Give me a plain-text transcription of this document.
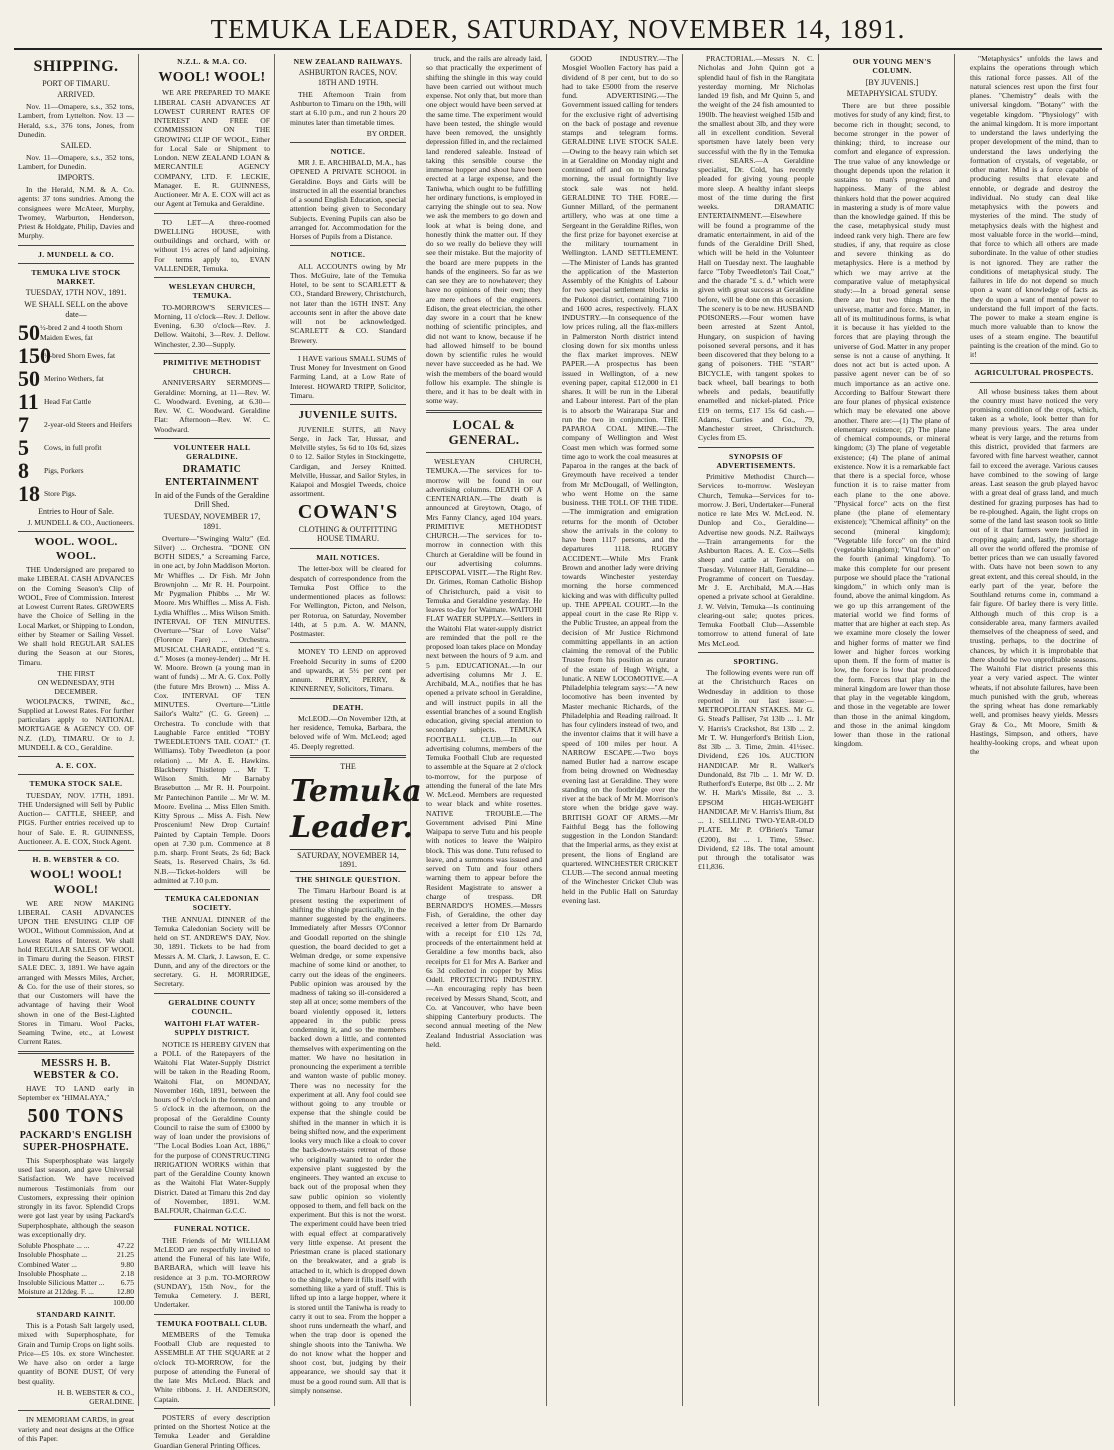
TEMUKA LEADER, SATURDAY, NOVEMBER 14, 1891.
SHIPPING.
PORT OF TIMARU.
ARRIVED.

Nov. 11—Omapere, s.s., 352 tons, Lambert, from Lyttelton. Nov. 13 — Herald, s.s., 376 tons, Jones, from Dunedin.

SAILED.

Nov. 11—Omapere, s.s., 352 tons, Lambert, for Dunedin.

IMPORTS.

In the Herald, N.M. & A. Co. agents: 37 tons sundries. Among the consignees were McAteer, Murphy, Twomey, Warburton, Henderson, Priest & Holdgate, Philip, Davies and Murphy.

J. MUNDELL & CO.
TEMUKA LIVE STOCK MARKET.
TUESDAY, 17TH NOV., 1891.
WE SHALL SELL on the above date—
50 ½-bred 2 and 4 tooth Shorn Maiden Ewes, fat
150
½-bred Shorn Ewes, fat
50 Merino Wethers, fat
11 Head Fat Cattle
7	2-year-old Steers and Heifers
5	Cows, in full profit
8	Pigs, Porkers
18 Store Pigs.
Entries to Hour of Sale.
J. MUNDELL & CO., Auctioneers.
WOOL. WOOL. WOOL.

THE Undersigned are prepared to make LIBERAL CASH ADVANCES on the Coming Season's Clip of WOOL, Free of Commission. Interest at Lowest Current Rates. GROWERS have the Choice of Selling in the Local Market, or Shipping to London, either by Steamer or Sailing Vessel. We shall hold REGULAR SALES during the Season at our Stores, Timaru.

THE FIRST
ON WEDNESDAY, 9TH DECEMBER.

WOOLPACKS, TWINE, &c., Supplied at Lowest Rates. For further particulars apply to NATIONAL MORTGAGE & AGENCY CO. OF N.Z. (LD), TIMARU. Or to J. MUNDELL & CO., Geraldine.

A. E. COX.
TEMUKA STOCK SALE.

TUESDAY, NOV. 17TH, 1891. THE Undersigned will Sell by Public Auction— CATTLE, SHEEP, and PIGS. Further entries received up to hour of Sale. E. R. GUINNESS, Auctioneer. A. E. COX, Stock Agent.

H. B. WEBSTER & CO.
WOOL! WOOL! WOOL!

WE ARE NOW MAKING LIBERAL CASH ADVANCES UPON THE ENSUING CLIP OF WOOL, Without Commission, And at Lowest Rates of Interest. We shall hold REGULAR SALES OF WOOL in Timaru during the Season. FIRST SALE DEC. 3, 1891. We have again arranged with Messrs Miles, Archer, & Co. for the use of their stores, so that our Customers will have the advantage of having their Wool shown in one of the Best-Lighted Stores in Timaru. Wool Packs, Seaming Twine, etc., at Lowest Current Rates.

MESSRS H. B. WEBSTER & CO.

HAVE TO LAND early in September ex "HIMALAYA,"

500 TONS
PACKARD'S ENGLISH SUPER-PHOSPHATE.

This Superphosphate was largely used last season, and gave Universal Satisfaction. We have received numerous Testimonials from our Customers, expressing their opinion strongly in its favor. Splendid Crops were got last year by using Packard's Superphosphate, although the season was exceptionally dry.

Soluble Phosphate ... ...	47.22
Insoluble Phosphate ...	21.25
Combined Water ...	9.80
Insoluble Phosphate ...	2.18
Insoluble Silicious Matter ... 6.75
Moisture at 212deg. F. ...	12.80
100.00
STANDARD KAINIT.

This is a Potash Salt largely used, mixed with Superphosphate, for Grain and Turnip Crops on light soils. Price—£5 10s. ex store Winchester. We have also on order a large quantity of BONE DUST, Of very best quality.

H. B. WEBSTER & CO., GERALDINE.

IN MEMORIAM CARDS, in great variety and neat designs at the Office of this Paper.

N.Z.L. & M.A. CO.
WOOL! WOOL!

WE ARE PREPARED TO MAKE LIBERAL CASH ADVANCES AT LOWEST CURRENT RATES OF INTEREST AND FREE OF COMMISSION ON THE GROWING CLIP OF WOOL, Either for Local Sale or Shipment to London. NEW ZEALAND LOAN & MERCANTILE AGENCY COMPANY, LTD. F. LECKIE, Manager. E. R. GUINNESS, Auctioneer. Mr A. E. COX will act as our Agent at Temuka and Geraldine.

TO LET—A three-roomed DWELLING HOUSE, with outbuildings and orchard, with or without 1½ acres of land adjoining. For terms apply to, EVAN VALLENDER, Temuka.

WESLEYAN CHURCH, TEMUKA.

TO-MORROW'S SERVICES— Morning, 11 o'clock—Rev. J. Dellow. Evening, 6.30 o'clock—Rev. J. Dellow. Waitohi, 3—Rev. J. Dellow. Winchester, 2.30—Supply.

PRIMITIVE METHODIST CHURCH.

ANNIVERSARY SERMONS— Geraldine: Morning, at 11—Rev. W. C. Woodward. Evening, at 6.30—Rev. W. C. Woodward. Geraldine Flat: Afternoon—Rev. W. C. Woodward.

VOLUNTEER HALL GERALDINE.
DRAMATIC ENTERTAINMENT
In aid of the Funds of the Geraldine Drill Shed.
TUESDAY, NOVEMBER 17, 1891.

Overture—"Swinging Waltz" (Ed. Silver) ... Orchestra. "DONE ON BOTH SIDES," a Screaming Farce, in one act, by John Maddison Morton. Mr Whiffles ... Dr Fish. Mr John Brownjohn ... Mr R. H. Pourpoint. Mr Pygmalion Phibbs ... Mr W. Moore. Mrs Whiffles ... Miss A. Fish. Lydia Whiffles ... Miss Wilson Smith. INTERVAL OF TEN MINUTES. Overture—"Star of Love Valse" (Florence Fare) ... Orchestra. MUSICAL CHARADE, entitled "£ s. d." Moses (a money-lender) ... Mr H. W. Moore. Brown (a young man in want of funds) ... Mr A. G. Cox. Polly (the future Mrs Brown) ... Miss A. Cox. INTERVAL OF TEN MINUTES. Overture—"Little Sailor's Waltz" (C. G. Green) ... Orchestra. To conclude with that Laughable Farce entitled "TOBY TWEEDLETON'S TAIL COAT." (T. Williams). Toby Tweedleton (a poor relation) ... Mr A. E. Hawkins. Blackberry Thistletop ... Mr T. Wilson Smith. Mr Barnaby Brasebutton ... Mr R. H. Pourpoint. Mr Pantechinon Pantile ... Mr W. M. Moore. Evelina ... Miss Ellen Smith. Kitty Sprous ... Miss A. Fish. New Proscenium! New Drop Curtain! Painted by Captain Temple. Doors open at 7.30 p.m. Commence at 8 p.m. sharp. Front Seats, 2s 6d; Back Seats, 1s. Reserved Chairs, 3s 6d. N.B.—Ticket-holders will be admitted at 7.10 p.m.

TEMUKA CALEDONIAN SOCIETY.

THE ANNUAL DINNER of the Temuka Caledonian Society will be held on ST. ANDREW'S DAY, Nov. 30, 1891. Tickets to be had from Messrs A. M. Clark, J. Lawson, E. C. Dunn, and any of the directors or the secretary. G. H. MORRIDGE, Secretary.

GERALDINE COUNTY COUNCIL.
WAITOHI FLAT WATER-SUPPLY DISTRICT.

NOTICE IS HEREBY GIVEN that a POLL of the Ratepayers of the Waitohi Flat Water-Supply District will be taken in the Reading Room, Waitohi Flat, on MONDAY, November 16th, 1891, between the hours of 9 o'clock in the forenoon and 5 o'clock in the afternoon, on the proposal of the Geraldine County Council to raise the sum of £3000 by way of loan under the provisions of "The Local Bodies Loan Act, 1886," for the purpose of CONSTRUCTING IRRIGATION WORKS within that part of the Geraldine County known as the Waitohi Flat Water-Supply District. Dated at Timaru this 2nd day of November, 1891. W.M. BALFOUR, Chairman G.C.C.

FUNERAL NOTICE.

THE Friends of Mr WILLIAM McLEOD are respectfully invited to attend the Funeral of his late Wife, BARBARA, which will leave his residence at 3 p.m. TO-MORROW (SUNDAY), 15th Nov., for the Temuka Cemetery. J. BERI, Undertaker.

TEMUKA FOOTBALL CLUB.

MEMBERS of the Temuka Football Club are requested to ASSEMBLE AT THE SQUARE at 2 o'clock TO-MORROW, for the purpose of attending the Funeral of the late Mrs McLeod. Black and White ribbons. J. H. ANDERSON, Captain.

POSTERS of every description printed on the Shortest Notice at the Temuka Leader and Geraldine Guardian General Printing Offices.

NEW ZEALAND RAILWAYS.
ASHBURTON RACES, NOV. 18TH AND 19TH.

THE Afternoon Train from Ashburton to Timaru on the 19th, will start at 6.10 p.m., and run 2 hours 20 minutes later than timetable times.

BY ORDER.
NOTICE.

MR J. E. ARCHIBALD, M.A., has OPENED A PRIVATE SCHOOL in Geraldine. Boys and Girls will be instructed in all the essential branches of a sound English Education, special attention being given to Secondary Subjects. Evening Pupils can also be arranged for. Accommodation for the Horses of Pupils from a Distance.

NOTICE.

ALL ACCOUNTS owing by Mr Thos. McGuire, late of the Temuka Hotel, to be sent to SCARLETT & CO., Standard Brewery, Christchurch, not later than the 16TH INST. Any accounts sent in after the above date will not be acknowledged. SCARLETT & CO. Standard Brewery.

I HAVE various SMALL SUMS of Trust Money for Investment on Good Farming Land, at a Low Rate of Interest. HOWARD TRIPP, Solicitor, Timaru.

JUVENILE SUITS.

JUVENILE SUITS, all Navy Serge, in Jack Tar, Hussar, and Melville styles, 5s 6d to 10s 6d, sizes 0 to 12. Sailor Styles in Stockingette, Cardigan, and Jersey Knitted. Melville, Hussar, and Sailor Styles, in Kaiapoi and Mosgiel Tweeds, choice assortment.

COWAN'S
CLOTHING & OUTFITTING HOUSE TIMARU.
MAIL NOTICES.

The letter-box will be cleared for despatch of correspondence from the Temuka Post Office to the undermentioned places as follows: For Wellington, Picton, and Nelson, per Rotorua, on Saturday, November 14th, at 5 p.m. A. W. MANN, Postmaster.

MONEY TO LEND on approved Freehold Security in sums of £200 and upwards, at 5½ per cent per annum. PERRY, PERRY, & KINNERNEY, Solicitors, Timaru.

DEATH.

McLEOD.—On November 12th, at her residence, Temuka, Barbara, the beloved wife of Wm. McLeod; aged 45. Deeply regretted.

THE
Temuka Leader.
SATURDAY, NOVEMBER 14, 1891.
THE SHINGLE QUESTION.

The Timaru Harbour Board is at present testing the experiment of shifting the shingle practically, in the manner suggested by the engineers. Immediately after Messrs O'Connor and Goodall reported on the shingle question, the board decided to get a Welman dredge, or some expensive machine of some kind or another, to carry out the ideas of the engineers. Public opinion was aroused by the madness of taking so ill-considered a step all at once; some members of the board violently opposed it, letters appeared in the public press condemning it, and so the members backed down a little, and contented themselves with experimenting on the matter. We have no hesitation in pronouncing the experiment a terrible and wanton waste of public money. There was no necessity for the experiment at all. Any fool could see without going to any trouble or expense that the shingle could be shifted in the manner in which it is being shifted now, and the experiment looks very much like a cloak to cover the back-down-stairs retreat of those who originally wanted to order the expensive plant suggested by the engineers. They wanted an excuse to back out of the proposal when they saw public opinion so violently opposed to them, and fell back on the experiment. But this is not the worst. The experiment could have been tried with equal effect at comparatively very little expense. At present the Priestman crane is placed stationary on the breakwater, and a grab is attached to it, which is dropped down to the shingle, where it fills itself with something like a yard of stuff. This is lifted up into a large hopper, where it is stored until the Taniwha is ready to carry it out to sea. From the hopper a shoot runs underneath the wharf, and when the trap door is opened the shingle shoots into the Taniwha. We do not know what the hopper and shoot cost, but, judging by their appearance, we should say that it must be a good round sum. All that is simply nonsense.

truck, and the rails are already laid, so that practically the experiment of shifting the shingle in this way could have been carried out without much expense. Not only that, but more than one object would have been served at the same time. The experiment would have been tested, the shingle would have been removed, the unsightly depression filled in, and the reclaimed land rendered saleable. Instead of taking this sensible course the immense hopper and shoot have been erected at a large expense, and the Taniwha, which ought to be fulfilling her ordinary functions, is employed in carrying the shingle out to sea. Now we ask the members to go down and look at what is being done, and honestly think the matter out. If they do so we really do believe they will see their mistake. But the majority of the board are mere puppets in the hands of the engineers. So far as we can see they are to nowhatever; they have no opinions of their own; they are mere echoes of the engineers. Edison, the great electrician, the other day swore in a court that he knew nothing of scientific principles, and did not want to know, because if he had allowed himself to be bound down by scientific rules he would never have succeeded as he had. We wish the members of the board would follow his example. The shingle is there, and it has to be dealt with in some way.

LOCAL & GENERAL.

WESLEYAN CHURCH, TEMUKA.—The services for to-morrow will be found in our advertising columns. DEATH OF A CENTENARIAN.—The death is announced at Greytown, Otago, of Mrs Fanny Clancy, aged 104 years. PRIMITIVE METHODIST CHURCH.—The services for to-morrow in connection with this Church at Geraldine will be found in our advertising columns. EPISCOPAL VISIT.—The Right Rev. Dr. Grimes, Roman Catholic Bishop of Christchurch, paid a visit to Temuka and Geraldine yesterday. He leaves to-day for Waimate. WAITOHI FLAT WATER SUPPLY.—Settlers in the Waitohi Flat water-supply district are reminded that the poll re the proposed loan takes place on Monday next between the hours of 9 a.m. and 5 p.m. EDUCATIONAL.—In our advertising columns Mr J. E. Archibald, M.A., notifies that he has opened a private school in Geraldine, and will instruct pupils in all the essential branches of a sound English education, giving special attention to secondary subjects. TEMUKA FOOTBALL CLUB.—In our advertising columns, members of the Temuka Football Club are requested to assemble at the Square at 2 o'clock to-morrow, for the purpose of attending the funeral of the late Mrs W. McLeod. Members are requested to wear black and white rosettes. NATIVE TROUBLE.—The Government advised Pini Mine Waipapa to serve Tutu and his people with notices to leave the Waipiro block. This was done. Tutu refused to leave, and a summons was issued and served on Tutu and four others warning them to appear before the Resident Magistrate to answer a charge of trespass. DR BERNARDO'S HOMES.—Messrs Fish, of Geraldine, the other day received a letter from Dr Barnardo with a receipt for £10 12s 7d, proceeds of the entertainment held at Geraldine a few months back, also receipts for £1 for Mrs A. Barker and 6s 3d collected in copper by Miss Odell. PROTECTING INDUSTRY.—An encouraging reply has been received by Messrs Shand, Scott, and Co. at Vancouver, who have been shipping Canterbury products. The second annual meeting of the New Zealand Industrial Association was held.

GOOD INDUSTRY.—The Mosgiel Woollen Factory has paid a dividend of 8 per cent, but to do so had to take £5000 from the reserve fund. ADVERTISING.—The Government issued calling for tenders for the exclusive right of advertising on the back of postage and revenue stamps and telegram forms. GERALDINE LIVE STOCK SALE.—Owing to the heavy rain which set in at Geraldine on Monday night and continued off and on to Thursday morning, the usual fortnightly live stock sale was not held. GERALDINE TO THE FORE.—Gunner Millard, of the permanent artillery, who was at one time a Sergeant in the Geraldine Rifles, won the first prize for bayonet exercise at the military tournament in Wellington. LAND SETTLEMENT.—The Minister of Lands has granted the application of the Masterton Assembly of the Knights of Labour for two special settlement blocks in the Pukotoi district, containing 7100 and 1600 acres, respectively. FLAX INDUSTRY.—In consequence of the low prices ruling, all the flax-millers in Palmerston North district intend closing down for six months unless the flax market improves. NEW PAPER.—A prospectus has been issued in Wellington, of a new evening paper, capital £12,000 in £1 shares. It will be run in the Liberal and Labour interest. Part of the plan is to absorb the Wairarapa Star and run the two in conjunction. THE PAPAROA COAL MINE.—The company of Wellington and West Coast men which was formed some time ago to work the coal measures at Paparoa in the ranges at the back of Greymouth have received a tender from Mr McDougall, of Wellington, who went Home on the same business. THE TOLL OF THE TIDE.—The immigration and emigration returns for the month of October show the arrivals in the colony to have been 1117 persons, and the departures 1118. RUGBY ACCIDENT.—While Mrs Frank Brown and another lady were driving towards Winchester yesterday morning the horse commenced kicking and was with difficulty pulled up. THE APPEAL COURT.—In the appeal court in the case Re Ripp v. the Public Trustee, an appeal from the decision of Mr Justice Richmond committing appellants in an action claiming the removal of the Public Trustee from his position as curator of the estate of Hugh Wright, a lunatic. A NEW LOCOMOTIVE.—A Philadelphia telegram says:—"A new locomotive has been invented by Master mechanic Richards, of the Philadelphia and Reading railroad. It has four cylinders instead of two, and the inventor claims that it will have a speed of 100 miles per hour. A NARROW ESCAPE.—Two boys named Butler had a narrow escape from being drowned on Wednesday evening last at Geraldine. They were standing on the footbridge over the river at the back of Mr M. Morrison's store when the bridge gave way. BRITISH GOAT OF ARMS.—Mr Faithful Begg has the following suggestion in the London Standard: that the Imperial arms, as they exist at present, the lions of England are quartered. WINCHESTER CRICKET CLUB.—The second annual meeting of the Winchester Cricket Club was held in the Public Hall on Saturday evening last.

PRACTORIAL.—Messrs N. C. Nicholas and John Quinn got a splendid haul of fish in the Rangitata yesterday morning. Mr Nicholas landed 19 fish, and Mr Quinn 5, and the weight of the 24 fish amounted to 190lb. The heaviest weighed 15lb and the smallest about 3lb, and they were all in excellent condition. Several sportsmen have lately been very successful with the fly in the Temuka river. SEARS.—A Geraldine specialist, Dr. Cold, has recently pleaded for giving young people more sleep. A healthy infant sleeps most of the time during the first weeks. DRAMATIC ENTERTAINMENT.—Elsewhere will be found a programme of the dramatic entertainment, in aid of the funds of the Geraldine Drill Shed, which will be held in the Volunteer Hall on Tuesday next. The laughable farce "Toby Tweedleton's Tail Coat," and the charade "£ s. d." which were given with great success at Geraldine before, will be done on this occasion. The scenery is to be new. HUSBAND POISONERS.—Four women have been arrested at Szent Antol, Hungary, on suspicion of having poisoned several persons, and it has been discovered that they belong to a gang of poisoners. THE "STAR" BICYCLE, with tangent spokes to back wheel, ball bearings to both wheels and pedals, beautifully enamelled and nickel-plated. Price £19 on terms, £17 15s 6d cash.—Adams, Curties and Co., 79, Manchester street, Christchurch. Cycles from £5.

SYNOPSIS OF ADVERTISEMENTS.

Primitive Methodist Church—Services to-morrow. Wesleyan Church, Temuka—Services for to-morrow. J. Beri, Undertaker—Funeral notice re late Mrs W. McLeod. N. Dunlop and Co., Geraldine—Advertise new goods. N.Z. Railways—Train arrangements for the Ashburton Races. A. E. Cox—Sells sheep and cattle at Temuka on Tuesday. Volunteer Hall, Geraldine—Programme of concert on Tuesday. Mr J. E. Archibald, M.A.—Has opened a private school at Geraldine. J. W. Velvin, Temuka—Is continuing clearing-out sale; quotes prices. Temuka Football Club—Assemble tomorrow to attend funeral of late Mrs McLeod.

SPORTING.

The following events were run off at the Christchurch Races on Wednesday in addition to those reported in our last issue:— METROPOLITAN STAKES. Mr G. G. Stead's Palliser, 7st 13lb ... 1. Mr V. Harris's Crackshot, 8st 13lb ... 2. Mr T. W. Hungerford's British Lion, 8st 3lb ... 3. Time, 2min. 41½sec. Dividend, £26 10s. AUCTION HANDICAP. Mr R. Walker's Dundonald, 8st 7lb ... 1. Mr W. D. Rutherford's Euterpe, 8st 0lb ... 2. Mr W. H. Mark's Missile, 8st ... 3. EPSOM HIGH-WEIGHT HANDICAP. Mr V. Harris's Ilium, 8st ... 1. SELLING TWO-YEAR-OLD PLATE. Mr P. O'Brien's Tamar (£200), 8st ... 1. Time, 59sec. Dividend, £2 18s. The total amount put through the totalisator was £11,836.

OUR YOUNG MEN'S COLUMN.
[BY JUVENIS.]
METAPHYSICAL STUDY.

There are but three possible motives for study of any kind; first, to become rich in thought; second, to become stronger in the power of thinking; third, to increase our comfort and elegance of expression. The true value of any knowledge or thought depends upon the relation it sustains to man's progress and happiness. Many of the ablest thinkers hold that the power acquired in mastering a study is of more value than the knowledge gained. If this be the case, metaphysical study must indeed rank very high. There are few studies, if any, that require as close and severe thinking as do metaphysics. Here is a method by which we may arrive at the comparative value of metaphysical study:—In a broad general sense there are but two things in the universe, matter and force. Matter, in all of its multitudinous forms, is what it is because it has yielded to the forces that are playing through the universe of God. Matter in any proper sense is not a cause of anything. It does not act but is acted upon. A passive agent never can be of so much importance as an active one. According to Balfour Stewart there are four planes of physical existence which may be elevated one above another. There are:—(1) The plane of elementary existence; (2) The plane of chemical compounds, or mineral kingdom; (3) The plane of vegetable existence; (4) The plane of animal existence. Now it is a remarkable fact that there is a special force, whose function it is to raise matter from each plane to the one above. "Physical force" acts on the first plane (the plane of elementary existence); "Chemical affinity" on the second (mineral kingdom); "Vegetable life force" on the third (vegetable kingdom); "Vital force" on the fourth (animal kingdom). To make this complete for our present purpose we should place the "rational kingdom," in which only man is found, above the animal kingdom. As we go up this arrangement of the material world we find forms of matter that are higher at each step. As we examine more closely the lower and higher forms of matter we find lower and higher forces working upon them. If the form of matter is low, the force is low that produced the form. Forces that play in the mineral kingdom are lower than those that play in the vegetable kingdom, and those in the vegetable are lower than those in the animal kingdom, and those in the animal kingdom lower than those in the rational kingdom.

"Metaphysics" unfolds the laws and explains the operations through which this rational force passes. All of the natural sciences rest upon the first four planes. "Chemistry" deals with the universal kingdom. "Botany" with the vegetable kingdom. "Physiology" with the animal kingdom. It is more important to understand the laws underlying the proper development of the mind, than to understand the laws underlying the formation of crystals, of vegetable, or other matter. Mind is a force capable of producing results that elevate and ennoble, or degrade and destroy the individual. No study can deal like metaphysics with the powers and mysteries of the mind. The study of metaphysics deals with the highest and most valuable force in the world—mind, that force to which all others are made subordinate. In the value of other studies is not ignored. They are rather the conditions of metaphysical study. The failures in life do not depend so much upon a want of knowledge of facts as they do upon a want of mental power to understand the full import of the facts. The power to make a steam engine is much more valuable than to know the uses of a steam engine. The beautiful painting is the creation of the mind. Go to it!

AGRICULTURAL PROSPECTS.

All whose business takes them about the country must have noticed the very promising condition of the crops, which, taken as a whole, look better than for many previous years. The area under wheat is very large, and the returns from this district, provided that farmers are favored with fine harvest weather, cannot fail to exceed the average. Various causes have combined to the sowing of large areas. Last season the grub played havoc with a great deal of grass land, and much destined for grazing purposes has had to be re-ploughed. Again, the light crops on some of the land last season took so little out of it that farmers were justified in cropping again; and, lastly, the shortage all over the world offered the promise of better prices than we can usually favored with. Oats have not been sown to any great extent, and this cereal should, in the early part of the year, before the Southland returns come in, command a fair figure. Of barley there is very little. Although much of this crop is a considerable area, many farmers availed themselves of the cheapness of seed, and trusting, perhaps, to the doctrine of chances, by which it is improbable that there should be two unprofitable seasons. The Waitohi Flat district presents this year a very varied aspect. The winter wheats, if not absolute failures, have been much punished with the grub, whereas the spring wheat has done remarkably well, and promises heavy yields. Messrs Gray & Co., Mt Moore, Smith & Hastings, Simpson, and others, have healthy-looking crops, and wheat upon the
